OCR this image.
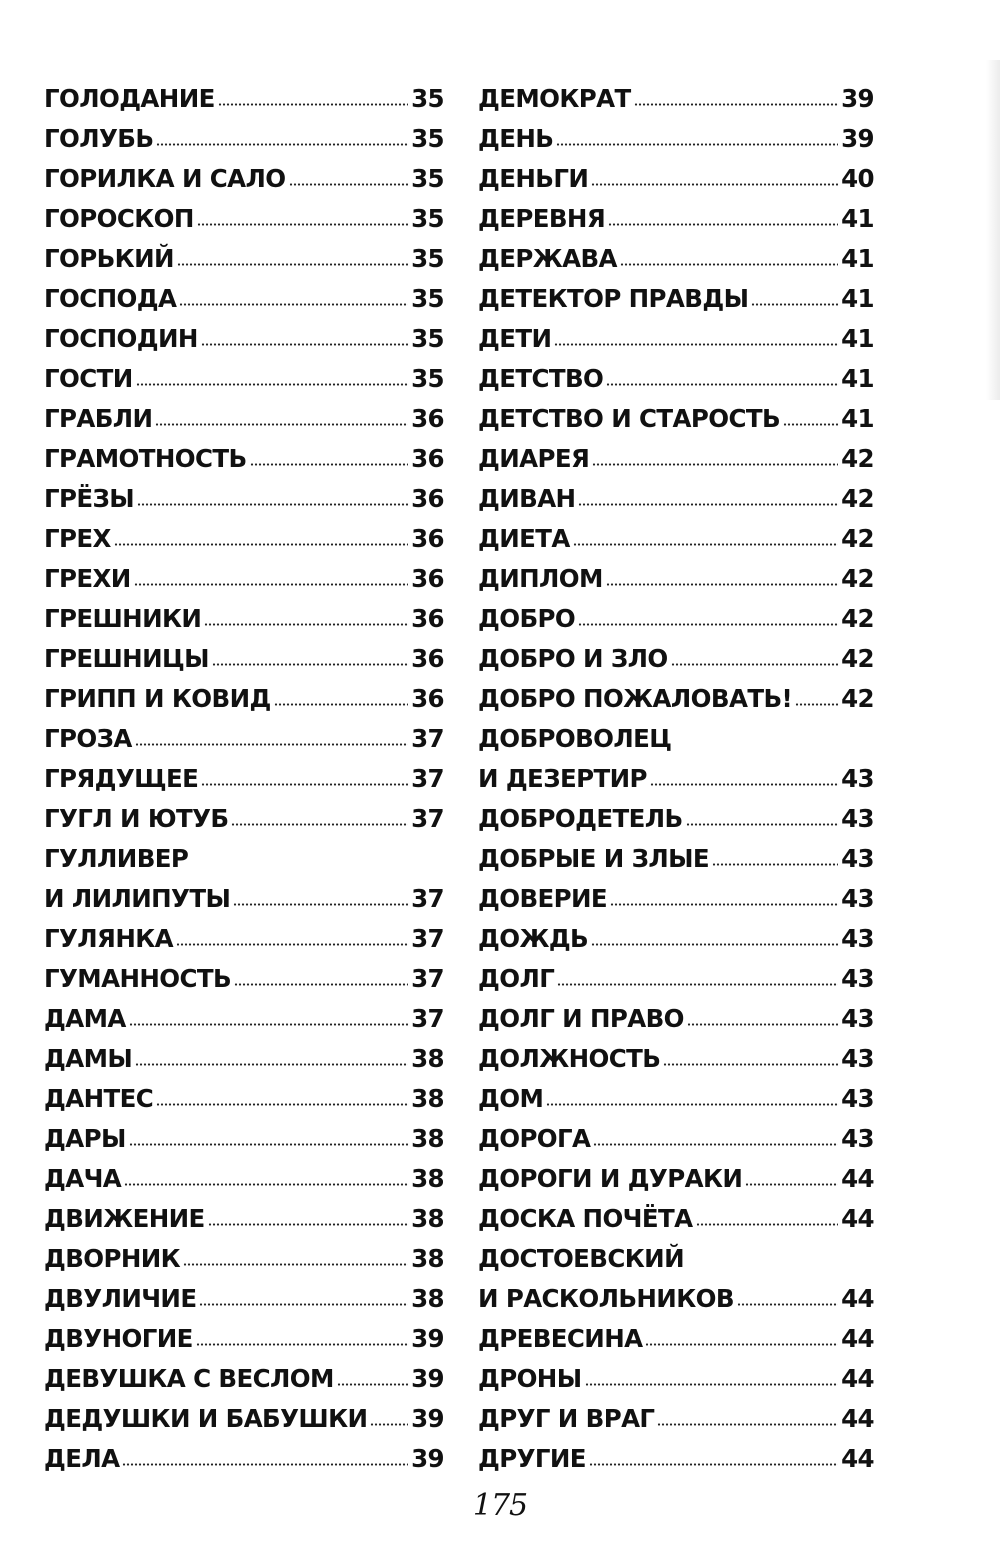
ГОЛОДАНИЕ	35
ГОЛУБЬ	35
ГОРИЛКА И САЛО	35
ГОРОСКОП	35
ГОРЬКИЙ	35
ГОСПОДА	35
ГОСПОДИН	35
ГОСТИ	35
ГРАБЛИ	36
ГРАМОТНОСТЬ	36
ГРЁЗЫ	36
ГРЕХ	36
ГРЕХИ	36
ГРЕШНИКИ	36
ГРЕШНИЦЫ	36
ГРИПП И КОВИД	36
ГРОЗА	37
ГРЯДУЩЕЕ	37
ГУГЛ И ЮТУБ	37
ГУЛЛИВЕР
И ЛИЛИПУТЫ	37
ГУЛЯНКА	37
ГУМАННОСТЬ	37
ДАМА	37
ДАМЫ	38
ДАНТЕС	38
ДАРЫ	38
ДАЧА	38
ДВИЖЕНИЕ	38
ДВОРНИК	38
ДВУЛИЧИЕ	38
ДВУНОГИЕ	39
ДЕВУШКА С ВЕСЛОМ	39
ДЕДУШКИ И БАБУШКИ 39
ДЕЛА	39
ДЕМОКРАТ	39
ДЕНЬ	39
ДЕНЬГИ	40
ДЕРЕВНЯ	41
ДЕРЖАВА	41
ДЕТЕКТОР ПРАВДЫ	41
ДЕТИ	41
ДЕТСТВО	41
ДЕТСТВО И СТАРОСТЬ 41
ДИАРЕЯ	42
ДИВАН	42
ДИЕТА	42
ДИПЛОМ	42
ДОБРО	42
ДОБРО И ЗЛО	42
ДОБРО ПОЖАЛОВАТЬ! 42
ДОБРОВОЛЕЦ
И ДЕЗЕРТИР	43
ДОБРОДЕТЕЛЬ	43
ДОБРЫЕ И ЗЛЫЕ	43
ДОВЕРИЕ	43
ДОЖДЬ	43
ДОЛГ	43
ДОЛГ И ПРАВО	43
ДОЛЖНОСТЬ	43
ДОМ	43
ДОРОГА	43
ДОРОГИ И ДУРАКИ	44
ДОСКА ПОЧЁТА	44
ДОСТОЕВСКИЙ
И РАСКОЛЬНИКОВ	44
ДРЕВЕСИНА	44
ДРОНЫ	44
ДРУГ И ВРАГ	44
ДРУГИЕ	44
175
